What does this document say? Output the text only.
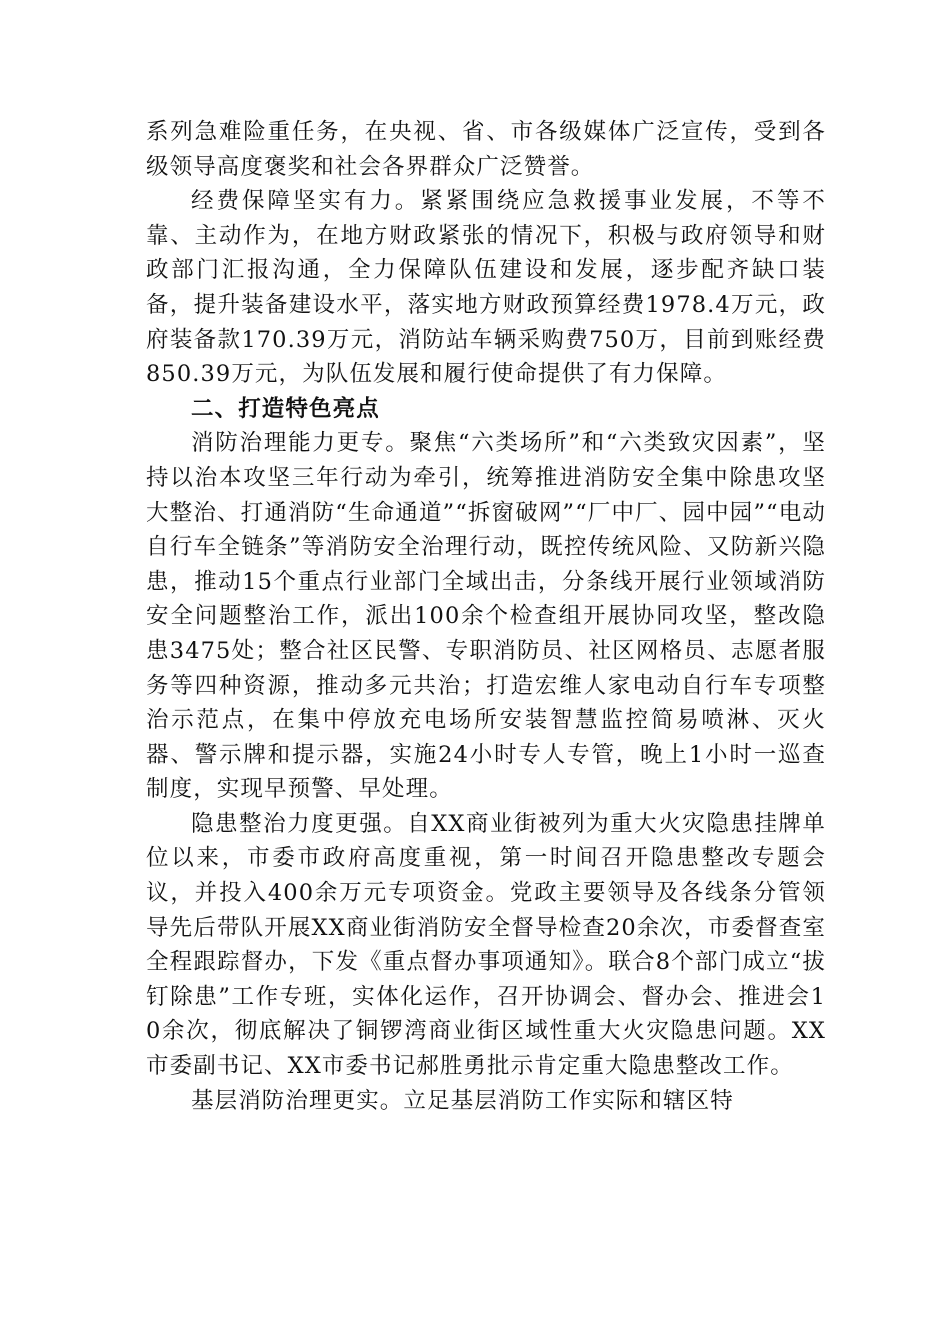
系列急难险重任务，在央视、省、市各级媒体广泛宣传，受到各级领导高度褒奖和社会各界群众广泛赞誉。

经费保障坚实有力。紧紧围绕应急救援事业发展，不等不靠、主动作为，在地方财政紧张的情况下，积极与政府领导和财政部门汇报沟通，全力保障队伍建设和发展，逐步配齐缺口装备，提升装备建设水平，落实地方财政预算经费1978.4万元，政府装备款170.39万元，消防站车辆采购费750万，目前到账经费850.39万元，为队伍发展和履行使命提供了有力保障。

二、打造特色亮点

消防治理能力更专。聚焦“六类场所”和“六类致灾因素”，坚持以治本攻坚三年行动为牵引，统筹推进消防安全集中除患攻坚大整治、打通消防“生命通道”“拆窗破网”“厂中厂、园中园”“电动自行车全链条”等消防安全治理行动，既控传统风险、又防新兴隐患，推动15个重点行业部门全域出击，分条线开展行业领域消防安全问题整治工作，派出100余个检查组开展协同攻坚，整改隐患3475处；整合社区民警、专职消防员、社区网格员、志愿者服务等四种资源，推动多元共治；打造宏维人家电动自行车专项整治示范点，在集中停放充电场所安装智慧监控简易喷淋、灭火器、警示牌和提示器，实施24小时专人专管，晚上1小时一巡查制度，实现早预警、早处理。

隐患整治力度更强。自XX商业街被列为重大火灾隐患挂牌单位以来，市委市政府高度重视，第一时间召开隐患整改专题会议，并投入400余万元专项资金。党政主要领导及各线条分管领导先后带队开展XX商业街消防安全督导检查20余次，市委督查室全程跟踪督办，下发《重点督办事项通知》。联合8个部门成立“拔钉除患”工作专班，实体化运作，召开协调会、督办会、推进会10余次，彻底解决了铜锣湾商业街区域性重大火灾隐患问题。XX市委副书记、XX市委书记郝胜勇批示肯定重大隐患整改工作。

基层消防治理更实。立足基层消防工作实际和辖区特
